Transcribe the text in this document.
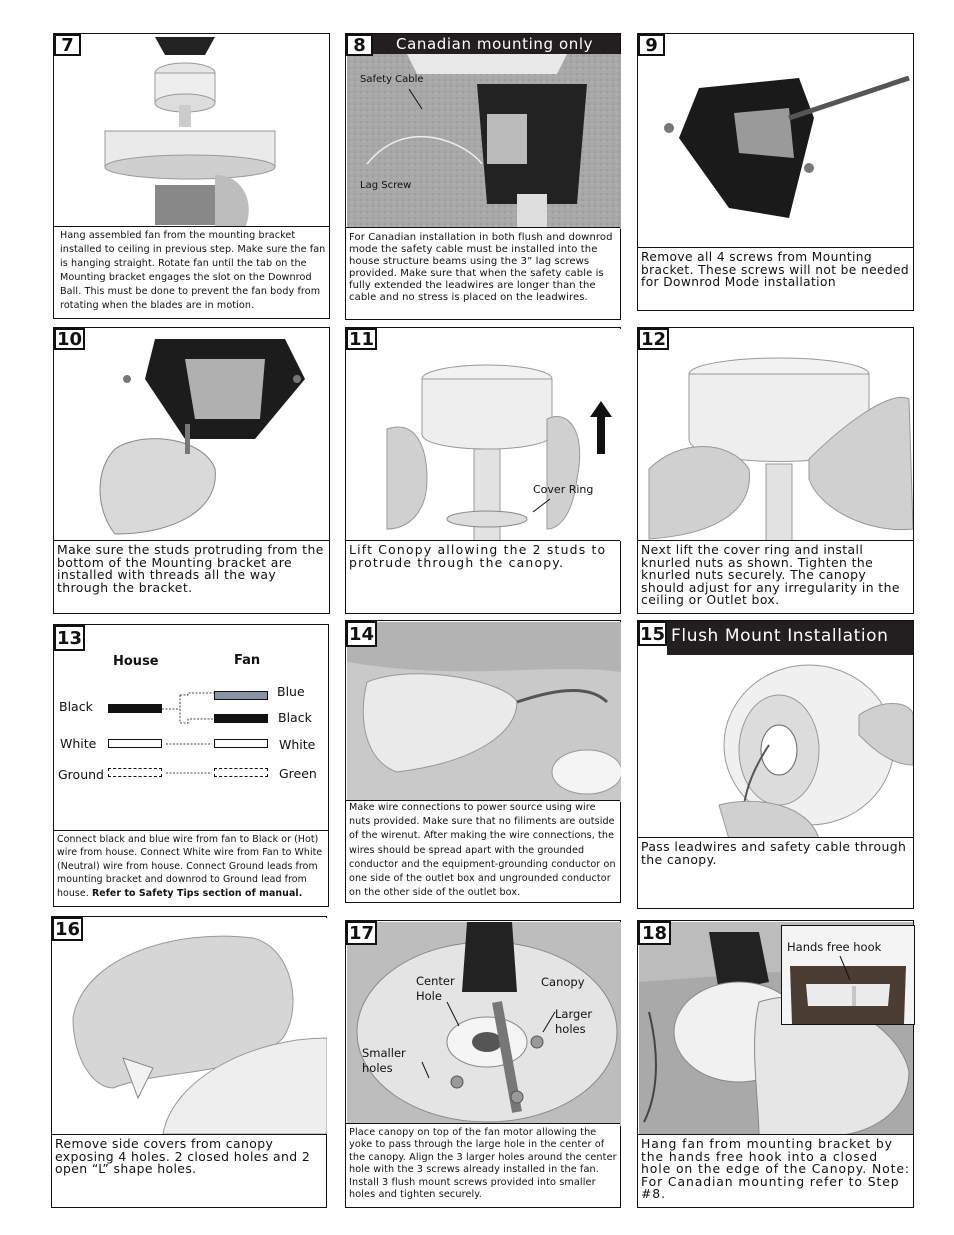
7
Hang assembled fan from the mounting bracket installed to ceiling in previous step. Make sure the fan is hanging straight. Rotate fan until the tab on the Mounting bracket engages the slot on the Downrod Ball. This must be done to prevent the fan body from rotating when the blades are in motion.
8	Canadian mounting only
Safety Cable
Lag Screw
For Canadian installation in both flush and downrod mode the safety cable must be installed into the house structure beams using the 3” lag screws provided. Make sure that when the safety cable is fully extended the leadwires are longer than the cable and no stress is placed on the leadwires.
9
Remove all 4 screws from Mounting bracket. These screws will not be needed for Downrod Mode installation
10
Make sure the studs protruding from the bottom of the Mounting bracket are installed with threads all the way through the bracket.
11
Cover Ring
Lift Conopy allowing the 2 studs to protrude through the canopy.
12
Next lift the cover ring and install knurled nuts as shown. Tighten the knurled nuts securely. The canopy should adjust for any irregularity in the ceiling or Outlet box.
13
House	Fan
Black
White
Ground
Blue
Black
White
Green
Connect black and blue wire from fan to Black or (Hot) wire from house. Connect White wire from Fan to White (Neutral) wire from house. Connect Ground leads from mounting bracket and downrod to Ground lead from house. Refer to Safety Tips section of manual.
14
Make wire connections to power source using wire nuts provided. Make sure that no filiments are outside of the wirenut. After making the wire connections, the wires should be spread apart with the grounded conductor and the equipment-grounding conductor on one side of the outlet box and ungrounded conductor on the other side of the outlet box.
15 Flush Mount Installation
Pass leadwires and safety cable through the canopy.
16
Remove side covers from canopy exposing 4 holes. 2 closed holes and 2 open “L” shape holes.
17
Center Hole
Canopy
Larger holes
Smaller holes
Place canopy on top of the fan motor allowing the yoke to pass through the large hole in the center of the canopy. Align the 3 larger holes around the center hole with the 3 screws already installed in the fan. Install 3 flush mount screws provided into smaller holes and tighten securely.
18
Hands free hook
Hang fan from mounting bracket by the hands free hook into a closed hole on the edge of the Canopy. Note: For Canadian mounting refer to Step #8.
